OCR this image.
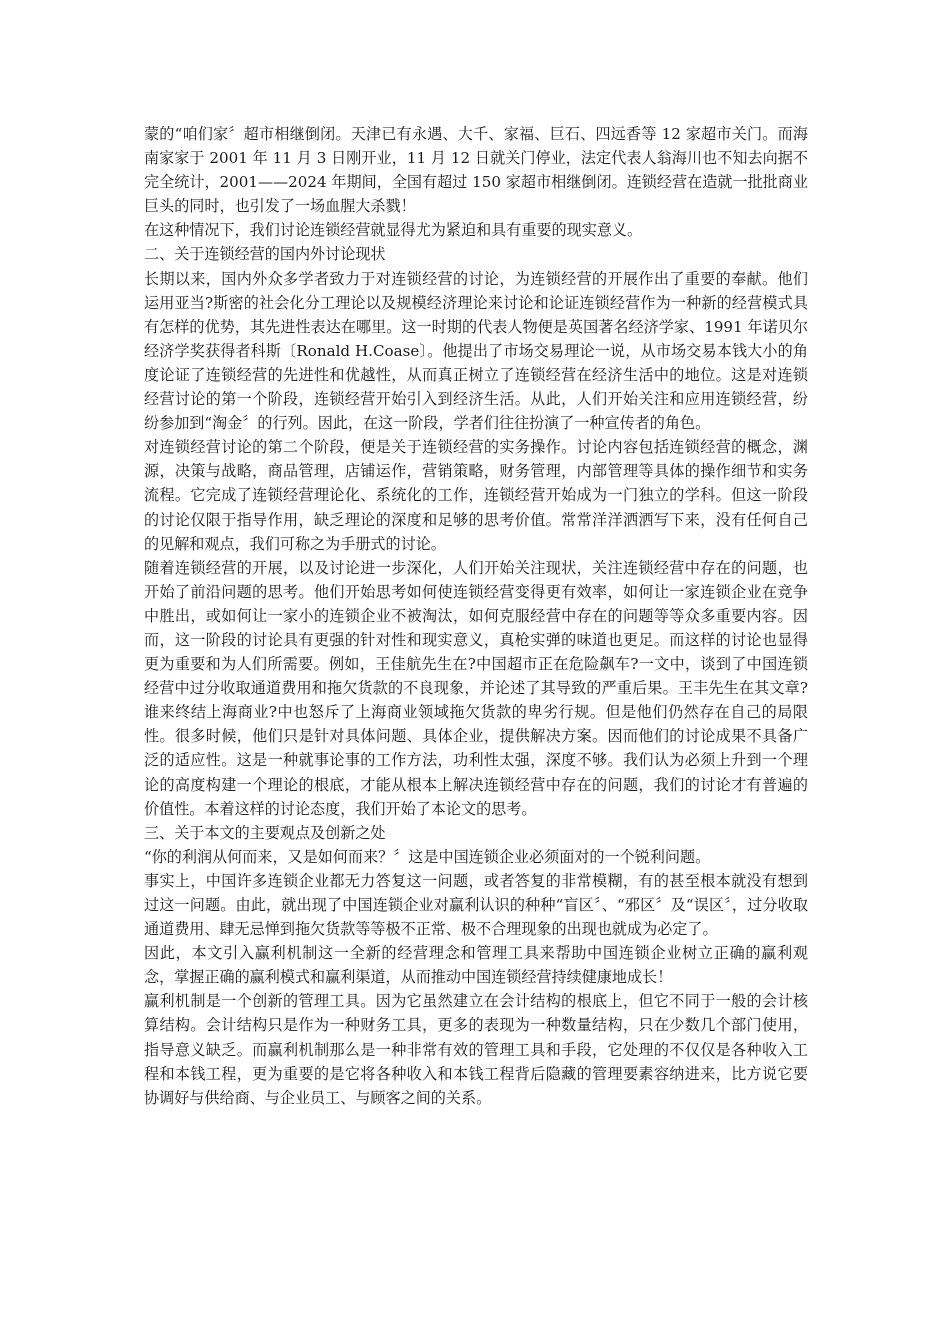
蒙的“咱们家〞超市相继倒闭。天津已有永遇、大千、家福、巨石、四远香等 12 家超市关门。而海南家家于 2001 年 11 月 3 日刚开业，11 月 12 日就关门停业，法定代表人翁海川也不知去向据不完全统计，2001——2024 年期间，全国有超过 150 家超市相继倒闭。连锁经营在造就一批批商业巨头的同时，也引发了一场血腥大杀戮！

在这种情况下，我们讨论连锁经营就显得尤为紧迫和具有重要的现实意义。

二、关于连锁经营的国内外讨论现状

长期以来，国内外众多学者致力于对连锁经营的讨论，为连锁经营的开展作出了重要的奉献。他们运用亚当?斯密的社会化分工理论以及规模经济理论来讨论和论证连锁经营作为一种新的经营模式具有怎样的优势，其先进性表达在哪里。这一时期的代表人物便是英国著名经济学家、1991 年诺贝尔经济学奖获得者科斯〔Ronald H.Coase〕。他提出了市场交易理论一说，从市场交易本钱大小的角度论证了连锁经营的先进性和优越性，从而真正树立了连锁经营在经济生活中的地位。这是对连锁经营讨论的第一个阶段，连锁经营开始引入到经济生活。从此，人们开始关注和应用连锁经营，纷纷参加到“淘金〞的行列。因此，在这一阶段，学者们往往扮演了一种宣传者的角色。

对连锁经营讨论的第二个阶段，便是关于连锁经营的实务操作。讨论内容包括连锁经营的概念，渊源，决策与战略，商品管理，店铺运作，营销策略，财务管理，内部管理等具体的操作细节和实务流程。它完成了连锁经营理论化、系统化的工作，连锁经营开始成为一门独立的学科。但这一阶段的讨论仅限于指导作用，缺乏理论的深度和足够的思考价值。常常洋洋洒洒写下来，没有任何自己的见解和观点，我们可称之为手册式的讨论。

随着连锁经营的开展，以及讨论进一步深化，人们开始关注现状，关注连锁经营中存在的问题，也开始了前沿问题的思考。他们开始思考如何使连锁经营变得更有效率，如何让一家连锁企业在竞争中胜出，或如何让一家小的连锁企业不被淘汰，如何克服经营中存在的问题等等众多重要内容。因而，这一阶段的讨论具有更强的针对性和现实意义，真枪实弹的味道也更足。而这样的讨论也显得更为重要和为人们所需要。例如，王佳航先生在?中国超市正在危险飙车?一文中，谈到了中国连锁经营中过分收取通道费用和拖欠货款的不良现象，并论述了其导致的严重后果。王丰先生在其文章?谁来终结上海商业?中也怒斥了上海商业领域拖欠货款的卑劣行规。但是他们仍然存在自己的局限性。很多时候，他们只是针对具体问题、具体企业，提供解决方案。因而他们的讨论成果不具备广泛的适应性。这是一种就事论事的工作方法，功利性太强，深度不够。我们认为必须上升到一个理论的高度构建一个理论的根底，才能从根本上解决连锁经营中存在的问题，我们的讨论才有普遍的价值性。本着这样的讨论态度，我们开始了本论文的思考。

三、关于本文的主要观点及创新之处

“你的利润从何而来，又是如何而来？〞这是中国连锁企业必须面对的一个锐利问题。

事实上，中国许多连锁企业都无力答复这一问题，或者答复的非常模糊，有的甚至根本就没有想到过这一问题。由此，就出现了中国连锁企业对赢利认识的种种“盲区〞、“邪区〞及“误区〞，过分收取通道费用、肆无忌惮到拖欠货款等等极不正常、极不合理现象的出现也就成为必定了。

因此，本文引入赢利机制这一全新的经营理念和管理工具来帮助中国连锁企业树立正确的赢利观念，掌握正确的赢利模式和赢利渠道，从而推动中国连锁经营持续健康地成长！

赢利机制是一个创新的管理工具。因为它虽然建立在会计结构的根底上，但它不同于一般的会计核算结构。会计结构只是作为一种财务工具，更多的表现为一种数量结构，只在少数几个部门使用，指导意义缺乏。而赢利机制那么是一种非常有效的管理工具和手段，它处理的不仅仅是各种收入工程和本钱工程，更为重要的是它将各种收入和本钱工程背后隐藏的管理要素容纳进来，比方说它要协调好与供给商、与企业员工、与顾客之间的关系。
